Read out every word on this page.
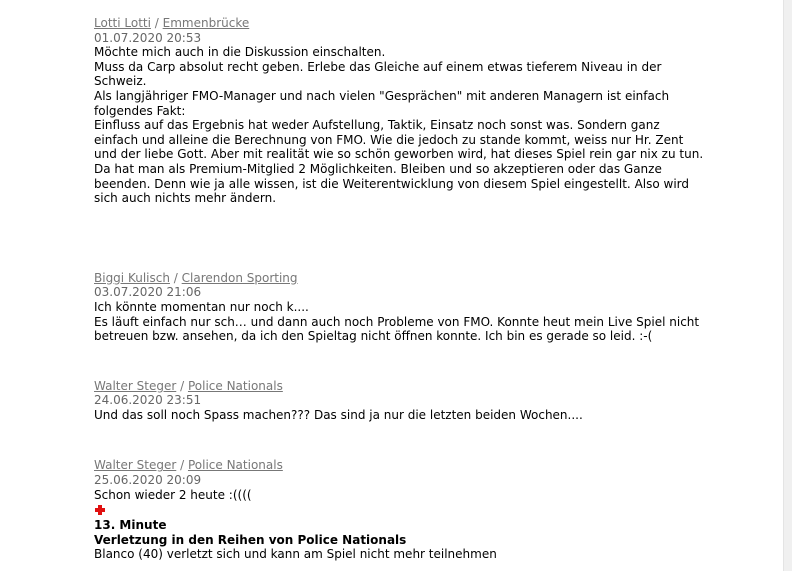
Lotti Lotti / Emmenbrücke
01.07.2020 20:53
Möchte mich auch in die Diskussion einschalten.
Muss da Carp absolut recht geben. Erlebe das Gleiche auf einem etwas tieferem Niveau in der Schweiz.
Als langjähriger FMO-Manager und nach vielen "Gesprächen" mit anderen Managern ist einfach folgendes Fakt:
Einfluss auf das Ergebnis hat weder Aufstellung, Taktik, Einsatz noch sonst was. Sondern ganz einfach und alleine die Berechnung von FMO. Wie die jedoch zu stande kommt, weiss nur Hr. Zent und der liebe Gott. Aber mit realität wie so schön geworben wird, hat dieses Spiel rein gar nix zu tun.
Da hat man als Premium-Mitglied 2 Möglichkeiten. Bleiben und so akzeptieren oder das Ganze beenden. Denn wie ja alle wissen, ist die Weiterentwicklung von diesem Spiel eingestellt. Also wird sich auch nichts mehr ändern.
Biggi Kulisch / Clarendon Sporting
03.07.2020 21:06
Ich könnte momentan nur noch k....
Es läuft einfach nur sch… und dann auch noch Probleme von FMO. Konnte heut mein Live Spiel nicht betreuen bzw. ansehen, da ich den Spieltag nicht öffnen konnte. Ich bin es gerade so leid. :-(
Walter Steger / Police Nationals
24.06.2020 23:51
Und das soll noch Spass machen??? Das sind ja nur die letzten beiden Wochen....
Walter Steger / Police Nationals
25.06.2020 20:09
Schon wieder 2 heute :((((
13. Minute
Verletzung in den Reihen von Police Nationals
Blanco (40) verletzt sich und kann am Spiel nicht mehr teilnehmen
